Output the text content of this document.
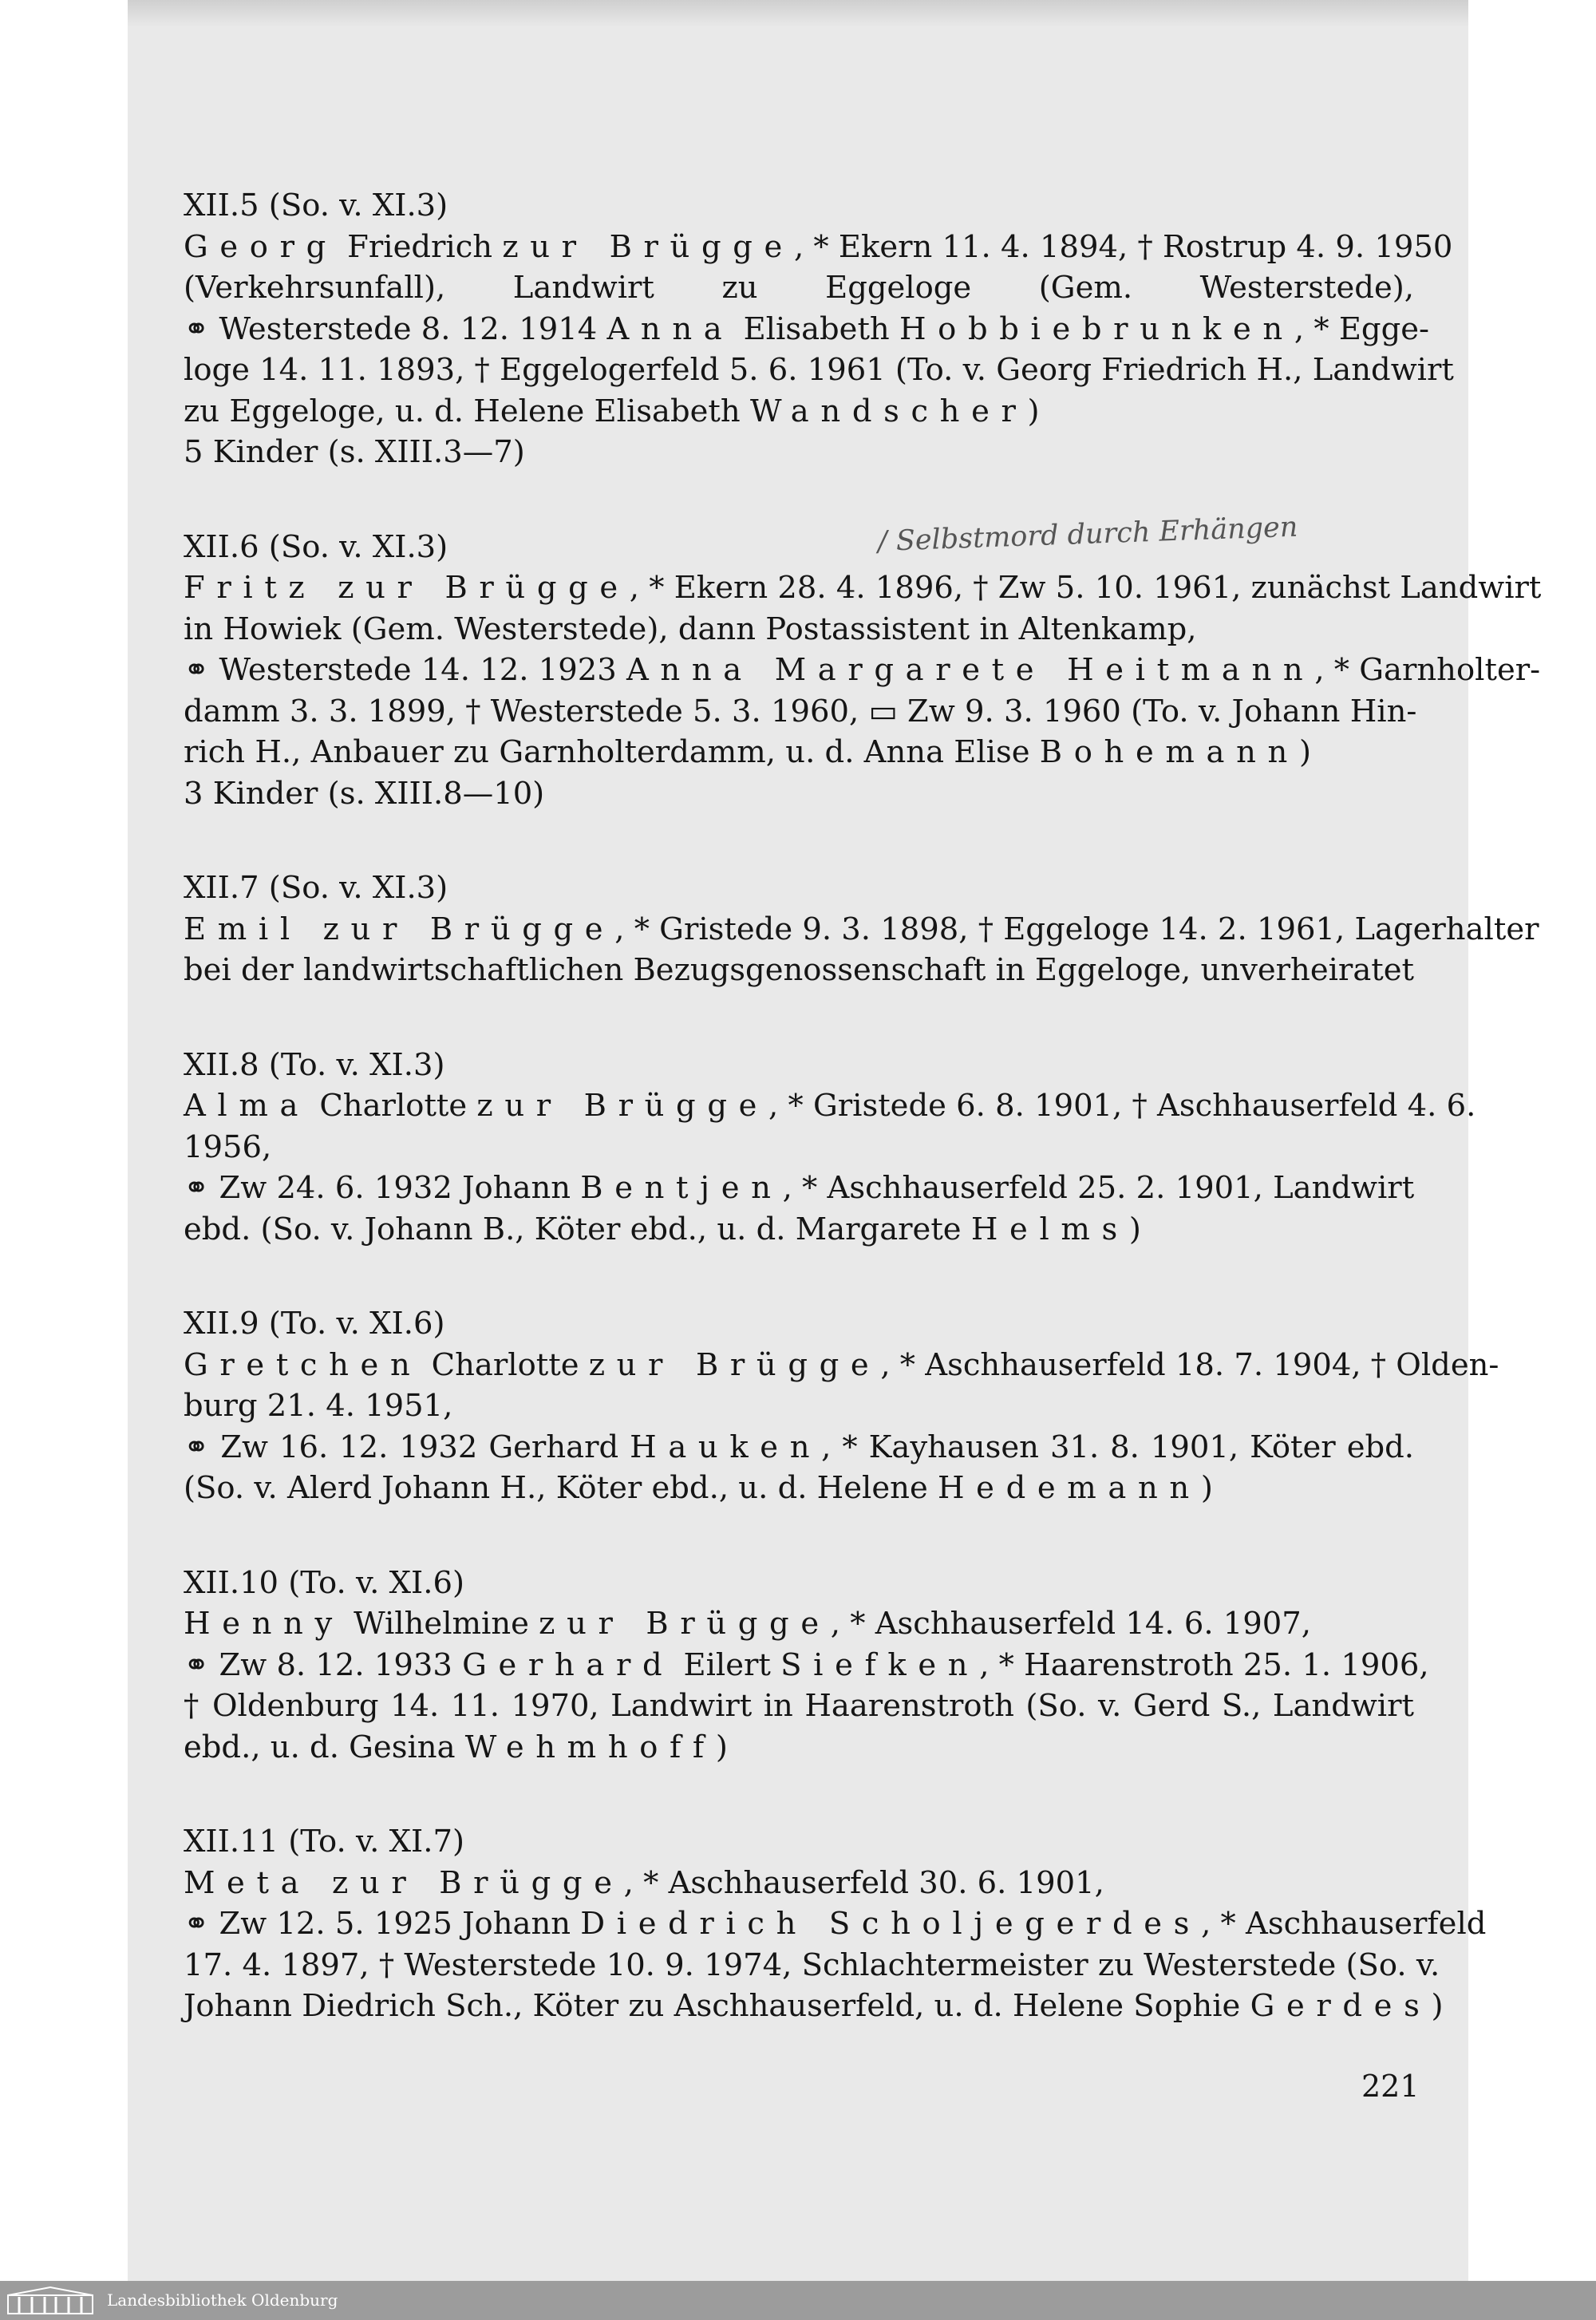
XII.5 (So. v. XI.3)
Georg Friedrich zur Brügge, * Ekern 11. 4. 1894, † Rostrup 4. 9. 1950
(Verkehrsunfall), Landwirt zu Eggeloge (Gem. Westerstede),
⚭ Westerstede 8. 12. 1914 Anna Elisabeth Hobbiebrunken, * Egge-
loge 14. 11. 1893, † Eggelogerfeld 5. 6. 1961 (To. v. Georg Friedrich H., Landwirt
zu Eggeloge, u. d. Helene Elisabeth Wandscher)
5 Kinder (s. XIII.3—7)
XII.6 (So. v. XI.3)	/ Selbstmord durch Erhängen
Fritz zur Brügge, * Ekern 28. 4. 1896, † Zw 5. 10. 1961, zunächst Landwirt
in Howiek (Gem. Westerstede), dann Postassistent in Altenkamp,
⚭ Westerstede 14. 12. 1923 Anna Margarete Heitmann, * Garnholter-
damm 3. 3. 1899, † Westerstede 5. 3. 1960, ▭ Zw 9. 3. 1960 (To. v. Johann Hin-
rich H., Anbauer zu Garnholterdamm, u. d. Anna Elise Bohemann)
3 Kinder (s. XIII.8—10)
XII.7 (So. v. XI.3)
Emil zur Brügge, * Gristede 9. 3. 1898, † Eggeloge 14. 2. 1961, Lagerhalter
bei der landwirtschaftlichen Bezugsgenossenschaft in Eggeloge, unverheiratet
XII.8 (To. v. XI.3)
Alma Charlotte zur Brügge, * Gristede 6. 8. 1901, † Aschhauserfeld 4. 6.
1956,
⚭ Zw 24. 6. 1932 Johann Bentjen, * Aschhauserfeld 25. 2. 1901, Landwirt
ebd. (So. v. Johann B., Köter ebd., u. d. Margarete Helms)
XII.9 (To. v. XI.6)
Gretchen Charlotte zur Brügge, * Aschhauserfeld 18. 7. 1904, † Olden-
burg 21. 4. 1951,
⚭ Zw 16. 12. 1932 Gerhard Hauken, * Kayhausen 31. 8. 1901, Köter ebd.
(So. v. Alerd Johann H., Köter ebd., u. d. Helene Hedemann)
XII.10 (To. v. XI.6)
Henny Wilhelmine zur Brügge, * Aschhauserfeld 14. 6. 1907,
⚭ Zw 8. 12. 1933 Gerhard Eilert Siefken, * Haarenstroth 25. 1. 1906,
† Oldenburg 14. 11. 1970, Landwirt in Haarenstroth (So. v. Gerd S., Landwirt
ebd., u. d. Gesina Wehmhoff)
XII.11 (To. v. XI.7)
Meta zur Brügge, * Aschhauserfeld 30. 6. 1901,
⚭ Zw 12. 5. 1925 Johann Diedrich Scholjegerdes, * Aschhauserfeld
17. 4. 1897, † Westerstede 10. 9. 1974, Schlachtermeister zu Westerstede (So. v.
Johann Diedrich Sch., Köter zu Aschhauserfeld, u. d. Helene Sophie Gerdes)
221
Landesbibliothek Oldenburg
